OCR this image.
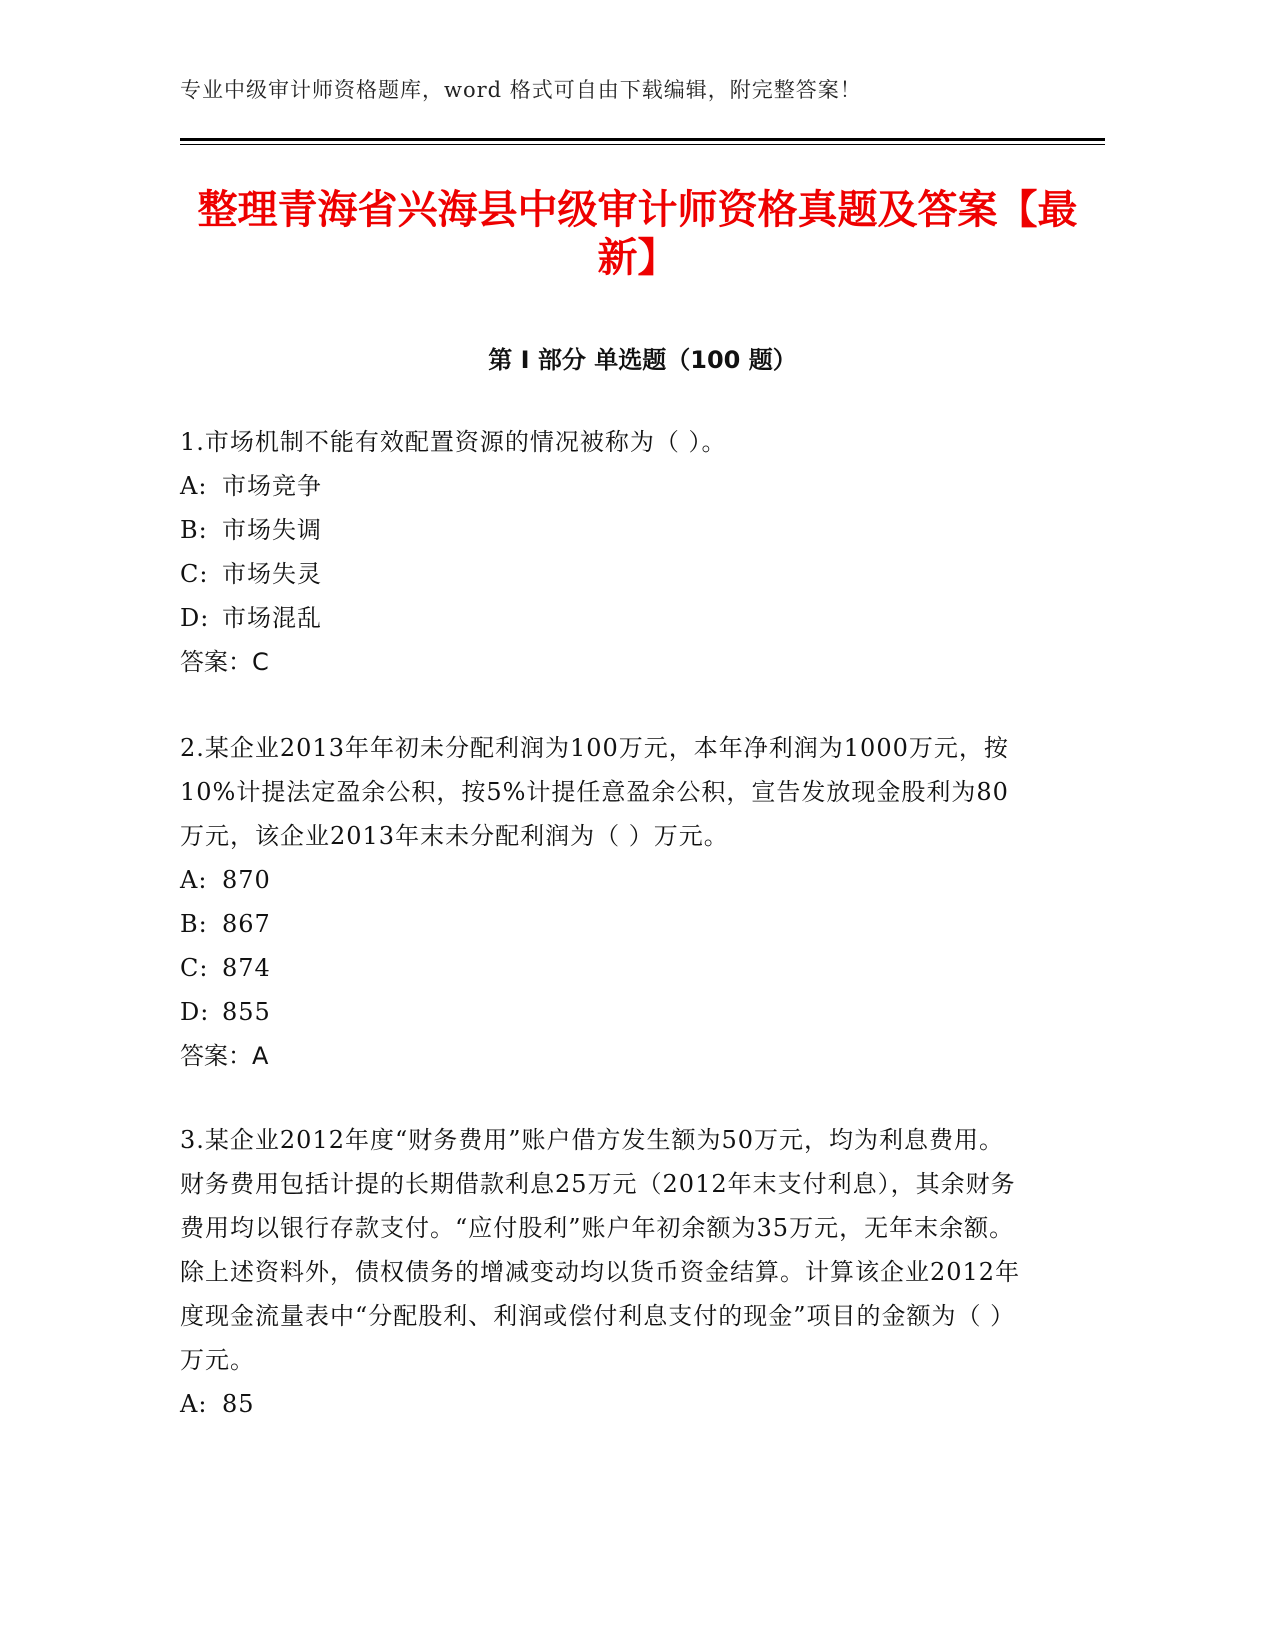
专业中级审计师资格题库，word 格式可自由下载编辑，附完整答案！
整理青海省兴海县中级审计师资格真题及答案【最新】
第 I 部分 单选题（100 题）

1.市场机制不能有效配置资源的情况被称为（ ）。

A: 市场竞争
B: 市场失调
C: 市场失灵
D: 市场混乱
答案：C

2.某企业2013年年初未分配利润为100万元，本年净利润为1000万元，按10%计提法定盈余公积，按5%计提任意盈余公积，宣告发放现金股利为80万元，该企业2013年末未分配利润为（ ）万元。

A: 870
B: 867
C: 874
D: 855
答案：A

3.某企业2012年度“财务费用”账户借方发生额为50万元，均为利息费用。财务费用包括计提的长期借款利息25万元（2012年末支付利息），其余财务费用均以银行存款支付。“应付股利”账户年初余额为35万元，无年末余额。除上述资料外，债权债务的增减变动均以货币资金结算。计算该企业2012年度现金流量表中“分配股利、利润或偿付利息支付的现金”项目的金额为（ ）万元。

A: 85
